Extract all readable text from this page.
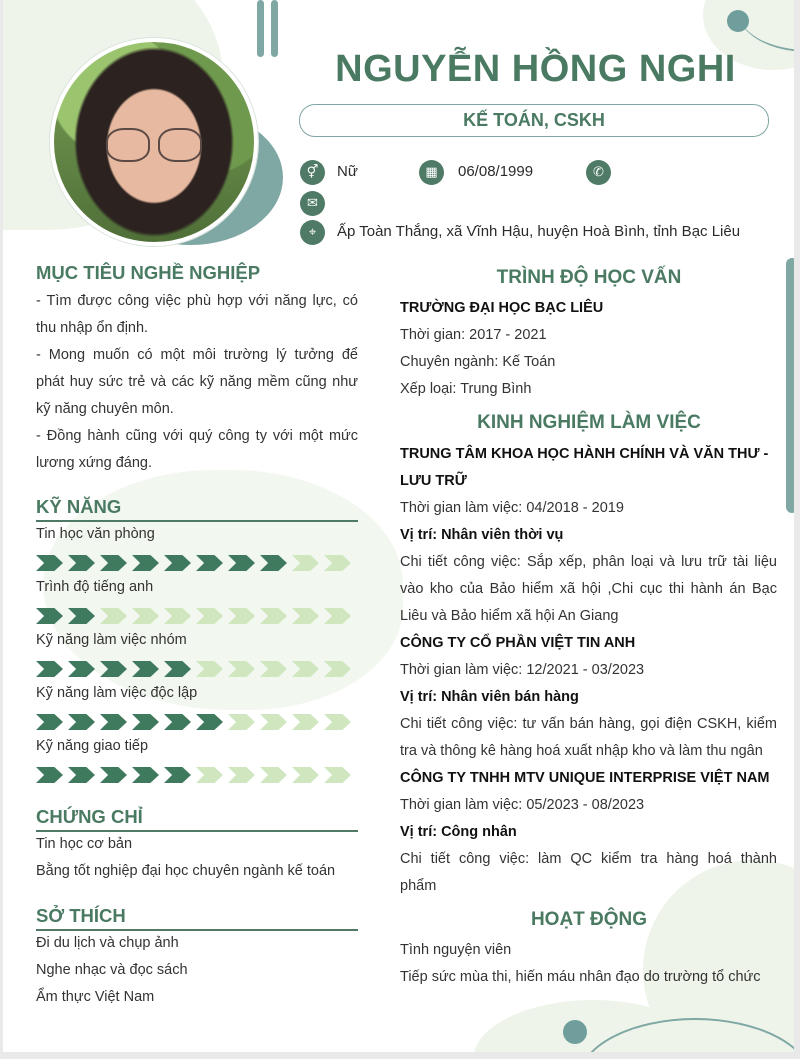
NGUYỄN HỒNG NGHI
KẾ TOÁN, CSKH
⚥	Nữ	▦	06/08/1999	✆
✉
⌖	Ấp Toàn Thắng, xã Vĩnh Hậu, huyện Hoà Bình, tỉnh Bạc Liêu
MỤC TIÊU NGHỀ NGHIỆP
- Tìm được công việc phù hợp với năng lực, có
thu nhập ổn định.
- Mong muốn có một môi trường lý tưởng để
phát huy sức trẻ và các kỹ năng mềm cũng như
kỹ năng chuyên môn.
- Đồng hành cũng với quý công ty với một mức
lương xứng đáng.
KỸ NĂNG
Tin học văn phòng
Trình độ tiếng anh
Kỹ năng làm việc nhóm
Kỹ năng làm việc độc lập
Kỹ năng giao tiếp
CHỨNG CHỈ
Tin học cơ bản
Bằng tốt nghiệp đại học chuyên ngành kế toán
SỞ THÍCH
Đi du lịch và chụp ảnh
Nghe nhạc và đọc sách
Ẩm thực Việt Nam
TRÌNH ĐỘ HỌC VẤN
TRƯỜNG ĐẠI HỌC BẠC LIÊU
Thời gian: 2017 - 2021
Chuyên ngành: Kế Toán
Xếp loại: Trung Bình
KINH NGHIỆM LÀM VIỆC
TRUNG TÂM KHOA HỌC HÀNH CHÍNH VÀ VĂN THƯ -
LƯU TRỮ
Thời gian làm việc: 04/2018 - 2019
Vị trí: Nhân viên thời vụ
Chi tiết công việc: Sắp xếp, phân loại và lưu trữ tài liệu
vào kho của Bảo hiểm xã hội ,Chi cục thi hành án Bạc
Liêu và Bảo hiểm xã hội An Giang
CÔNG TY CỔ PHẦN VIỆT TIN ANH
Thời gian làm việc: 12/2021 - 03/2023
Vị trí: Nhân viên bán hàng
Chi tiết công việc: tư vấn bán hàng, gọi điện CSKH, kiểm
tra và thông kê hàng hoá xuất nhập kho và làm thu ngân
CÔNG TY TNHH MTV UNIQUE INTERPRISE VIỆT NAM
Thời gian làm việc: 05/2023 - 08/2023
Vị trí: Công nhân
Chi tiết công việc: làm QC kiểm tra hàng hoá thành
phẩm
HOẠT ĐỘNG
Tình nguyện viên
Tiếp sức mùa thi, hiến máu nhân đạo do trường tổ chức
